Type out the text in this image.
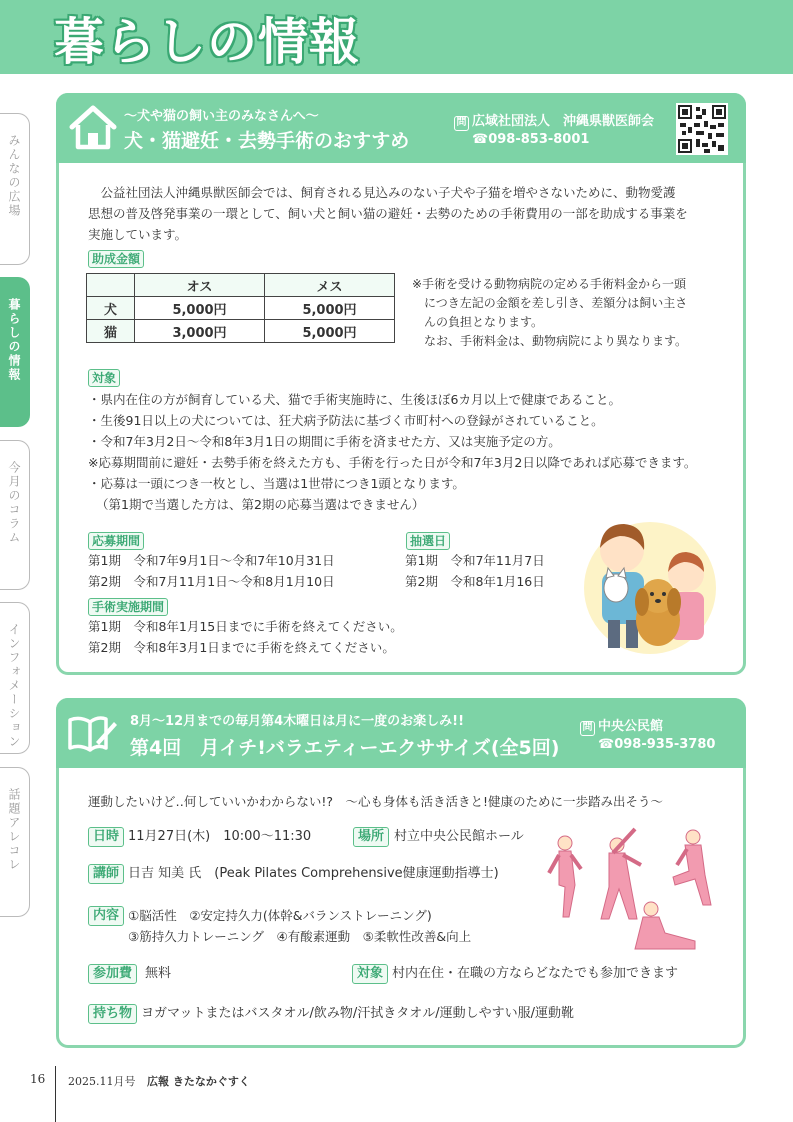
暮らしの情報
みんなの広場
暮らしの情報
今月のコラム
インフォメーション
話題アレコレ
～犬や猫の飼い主のみなさんへ～
犬・猫避妊・去勢手術のおすすめ
問 広域社団法人　沖縄県獣医師会
☎098-853-8001
　公益社団法人沖縄県獣医師会では、飼育される見込みのない子犬や子猫を増やさないために、動物愛護
思想の普及啓発事業の一環として、飼い犬と飼い猫の避妊・去勢のための手術費用の一部を助成する事業を
実施しています。
助成金額
	オス	メス
犬	5,000円	5,000円
猫	3,000円	5,000円
※手術を受ける動物病院の定める手術料金から一頭
　につき左記の金額を差し引き、差額分は飼い主さ
　んの負担となります。
　なお、手術料金は、動物病院により異なります。
対象
・県内在住の方が飼育している犬、猫で手術実施時に、生後ほぼ6カ月以上で健康であること。
・生後91日以上の犬については、狂犬病予防法に基づく市町村への登録がされていること。
・令和7年3月2日～令和8年3月1日の期間に手術を済ませた方、又は実施予定の方。
※応募期間前に避妊・去勢手術を終えた方も、手術を行った日が令和7年3月2日以降であれば応募できます。
・応募は一頭につき一枚とし、当選は1世帯につき1頭となります。
（第1期で当選した方は、第2期の応募当選はできません）
応募期間
第1期　令和7年9月1日～令和7年10月31日
第2期　令和7月11月1日～令和8月1月10日
抽選日
第1期　令和7年11月7日
第2期　令和8年1月16日
手術実施期間
第1期　令和8年1月15日までに手術を終えてください。
第2期　令和8年3月1日までに手術を終えてください。
8月～12月までの毎月第4木曜日は月に一度のお楽しみ!!
第4回　月イチ!バラエティーエクササイズ(全5回)
問 中央公民館
☎098-935-3780
運動したいけど‥何していいかわからない!?　～心も身体も活き活きと!健康のために一歩踏み出そう～
日時 11月27日(木)　10:00～11:30	場所 村立中央公民館ホール
講師 日吉 知美 氏　(Peak Pilates Comprehensive健康運動指導士)
内容 ①脳活性　②安定持久力(体幹&バランストレーニング)
③筋持久力トレーニング　④有酸素運動　⑤柔軟性改善&向上
参加費 無料	対象 村内在住・在職の方ならどなたでも参加できます
持ち物 ヨガマットまたはバスタオル/飲み物/汗拭きタオル/運動しやすい服/運動靴
16 2025.11月号 広報 きたなかぐすく
